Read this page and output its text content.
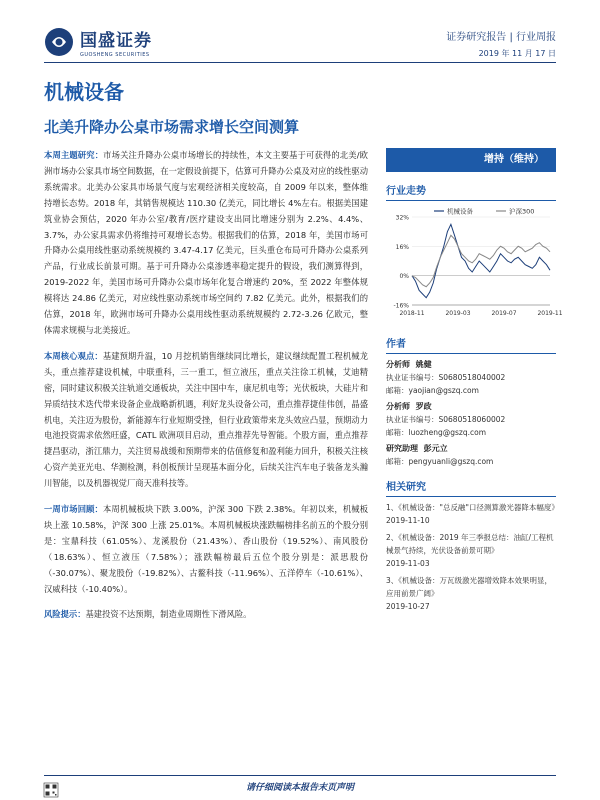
国盛证券
GUOSHENG SECURITIES
证券研究报告 | 行业周报
2019 年 11 月 17 日
机械设备
北美升降办公桌市场需求增长空间测算

本周主题研究：市场关注升降办公桌市场增长的持续性，本文主要基于可获得的北美/欧洲市场办公家具市场空间数据，在一定假设前提下，估算可升降办公桌及对应的线性驱动系统需求。北美办公家具市场景气度与宏观经济相关度较高，自 2009 年以来，整体维持增长态势。2018 年，其销售规模达 110.30 亿美元，同比增长 4%左右。根据美国建筑业协会预估，2020 年办公室/教育/医疗建设支出同比增速分别为 2.2%、4.4%、3.7%，办公家具需求仍将维持可观增长态势。根据我们的估算，2018 年，美国市场可升降办公桌用线性驱动系统规模约 3.47-4.17 亿美元，巨头重仓布局可升降办公桌系列产品，行业成长前景可期。基于可升降办公桌渗透率稳定提升的假设，我们测算得到，2019-2022 年，美国市场可升降办公桌市场年化复合增速约 20%，至 2022 年整体规模将达 24.86 亿美元，对应线性驱动系统市场空间约 7.82 亿美元。此外，根据我们的估算，2018 年，欧洲市场可升降办公桌用线性驱动系统规模约 2.72-3.26 亿欧元，整体需求规模与北美接近。

本周核心观点：基建预期升温，10 月挖机销售继续同比增长，建议继续配置工程机械龙头，重点推荐建设机械，中联重科，三一重工，恒立液压，重点关注徐工机械，艾迪精密，同时建议积极关注轨道交通板块，关注中国中车，康尼机电等；光伏板块，大硅片和异质结技术迭代带来设备企业战略新机遇，利好龙头设备公司，重点推荐捷佳伟创，晶盛机电，关注迈为股份，新能源车行业短期受挫，但行业政策带来龙头效应凸显，预期动力电池投资需求依然旺盛，CATL 欧洲项目启动，重点推荐先导智能。个股方面，重点推荐捷昌驱动，浙江鼎力，关注贸易战缓和预期带来的估值修复和盈利能力回升，积极关注核心资产美亚光电、华测检测，科创板预计呈现基本面分化，后续关注汽车电子装备龙头瀚川智能，以及机器视觉厂商天准科技等。

一周市场回顾：本周机械板块下跌 3.00%，沪深 300 下跌 2.38%。年初以来，机械板块上涨 10.58%，沪深 300 上涨 25.01%。本周机械板块涨跌幅榜排名前五的个股分别是：宝鼎科技（61.05%）、龙溪股份（21.43%）、香山股份（19.52%）、南风股份（18.63%）、恒立液压（7.58%）；涨跌幅榜最后五位个股分别是：派思股份（-30.07%）、聚龙股份（-19.82%）、古鳌科技（-11.96%）、五洋停车（-10.61%）、汉威科技（-10.40%）。

风险提示：基建投资不达预期，制造业周期性下滑风险。

增持（维持）
行业走势
32%
16%
0%
-16%
2018-11	2019-03	2019-07	2019-11
机械设备	沪深300
作者
分析师 姚健
执业证书编号：S0680518040002
邮箱：yaojian@gszq.com
分析师 罗政
执业证书编号：S0680518060002
邮箱：luozheng@gszq.com
研究助理 彭元立
邮箱：pengyuanli@gszq.com
相关研究
1、《机械设备："总反融"口径测算激光器降本幅度》
2019-11-10
2、《机械设备：2019 年三季报总结：油缸/工程机械景气持续，光伏设备前景可期》
2019-11-03
3、《机械设备：万瓦级激光器增效降本效果明显，应用前景广阔》
2019-10-27
请仔细阅读本报告末页声明
